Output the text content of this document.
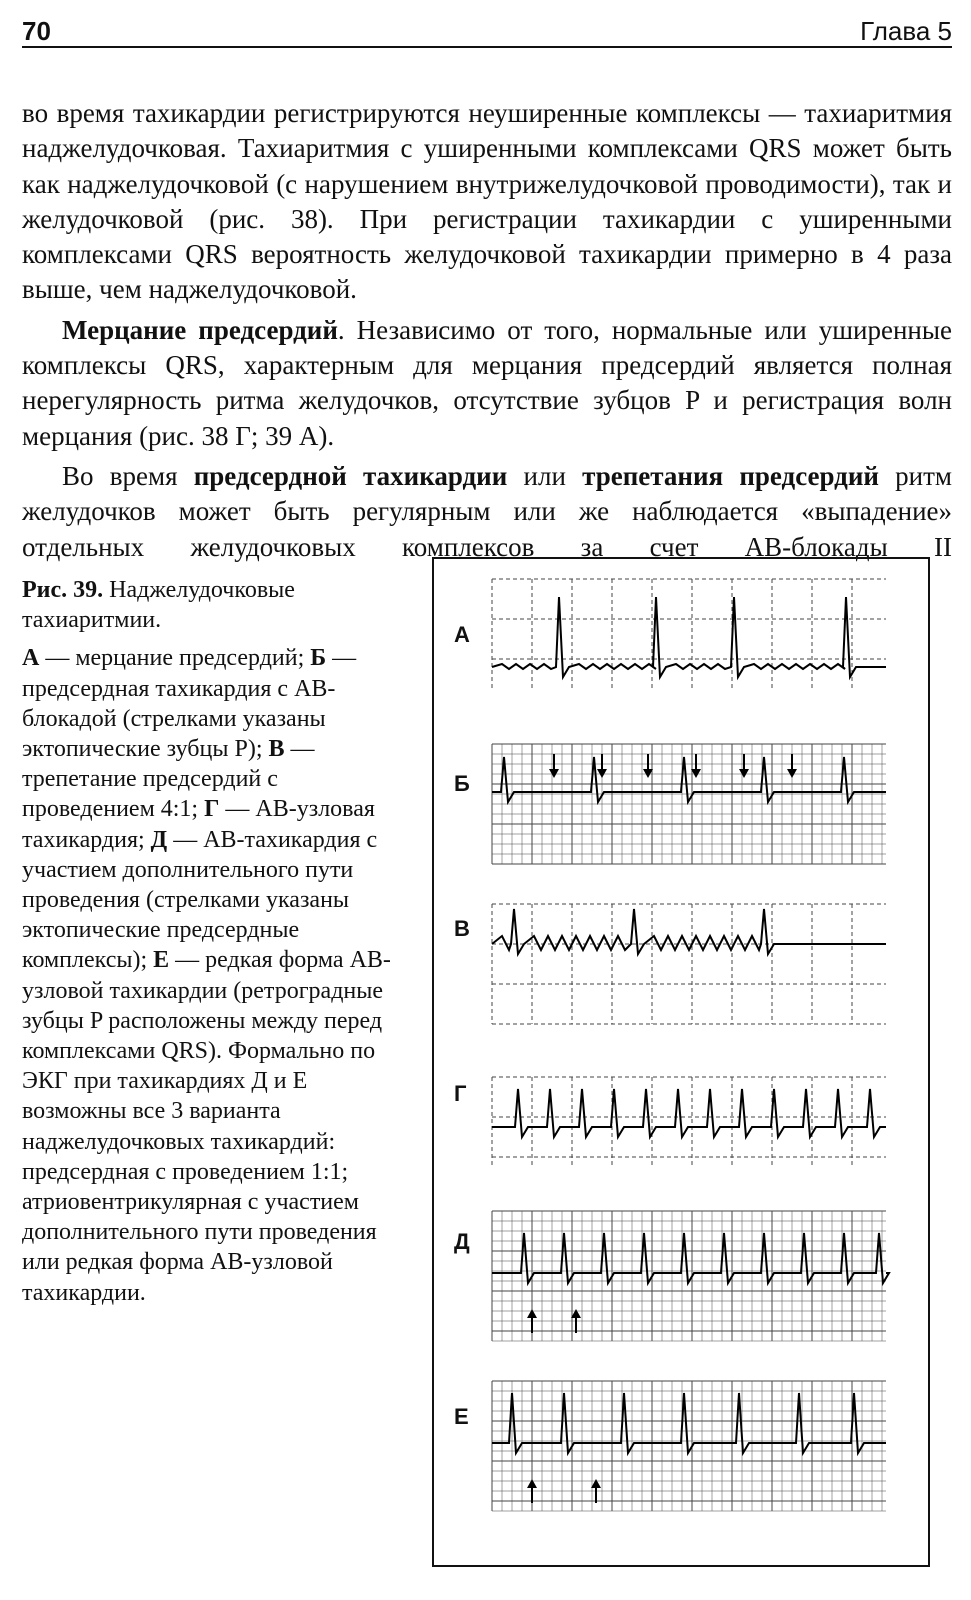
70	Глава 5

во время тахикардии регистрируются неуширенные комплексы — тахиаритмия наджелудочковая. Тахиаритмия с уширенными комплексами QRS может быть как наджелудочковой (с нарушением внутрижелудочковой проводимости), так и желудочковой (рис. 38). При регистрации тахикардии с уширенными комплексами QRS вероятность желудочковой тахикардии примерно в 4 раза выше, чем наджелудочковой.

Мерцание предсердий. Независимо от того, нормальные или уширенные комплексы QRS, характерным для мерцания предсердий является полная нерегулярность ритма желудочков, отсутствие зубцов P и регистрация волн мерцания (рис. 38 Г; 39 А).

Во время предсердной тахикардии или трепетания предсердий ритм желудочков может быть регулярным или же наблюдается «выпадение» отдельных желудочковых комплексов за счет АВ-блокады II

Рис. 39. Наджелудочковые тахиаритмии.

А — мерцание предсердий; Б — предсердная тахикардия с АВ-блокадой (стрелками указаны эктопические зубцы P); В — трепетание предсердий с проведением 4:1; Г — АВ-узловая тахикардия; Д — АВ-тахикардия с участием дополнительного пути проведения (стрелками указаны эктопические предсердные комплексы); Е — редкая форма АВ-узловой тахикардии (ретроградные зубцы P расположены между перед комплексами QRS). Формально по ЭКГ при тахикардиях Д и Е возможны все 3 варианта наджелудочковых тахикардий: предсердная с проведением 1:1; атриовентрикулярная с участием дополнительного пути проведения или редкая форма АВ-узловой тахикардии.

А
Б
В
Г
Д
Е
